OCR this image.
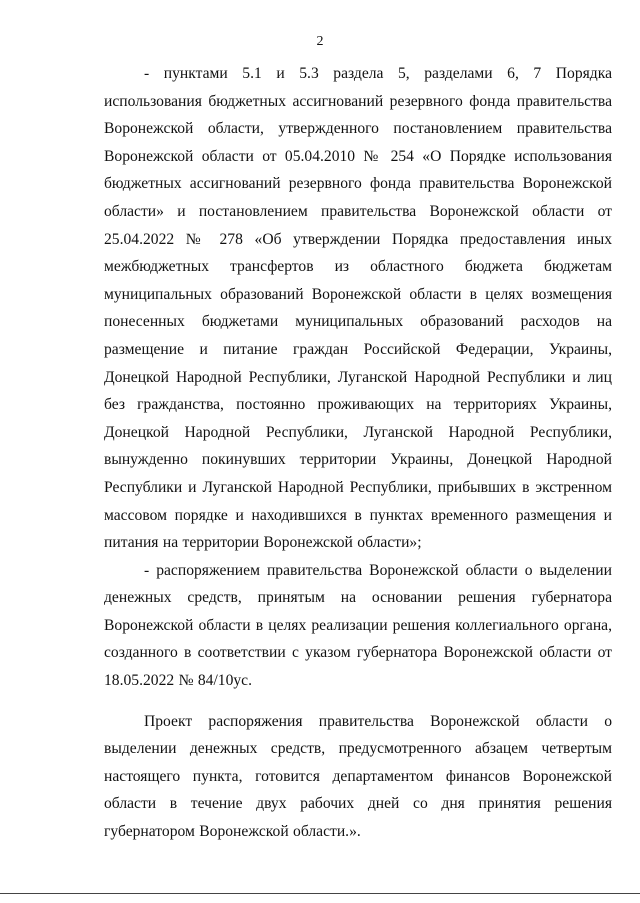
2

- пунктами 5.1 и 5.3 раздела 5, разделами 6, 7 Порядка использования бюджетных ассигнований резервного фонда правительства Воронежской области, утвержденного постановлением правительства Воронежской области от 05.04.2010 № 254 «О Порядке использования бюджетных ассигнований резервного фонда правительства Воронежской области» и постановлением правительства Воронежской области от 25.04.2022 № 278 «Об утверждении Порядка предоставления иных межбюджетных трансфертов из областного бюджета бюджетам муниципальных образований Воронежской области в целях возмещения понесенных бюджетами муниципальных образований расходов на размещение и питание граждан Российской Федерации, Украины, Донецкой Народной Республики, Луганской Народной Республики и лиц без гражданства, постоянно проживающих на территориях Украины, Донецкой Народной Республики, Луганской Народной Республики, вынужденно покинувших территории Украины, Донецкой Народной Республики и Луганской Народной Республики, прибывших в экстренном массовом порядке и находившихся в пунктах временного размещения и питания на территории Воронежской области»;

- распоряжением правительства Воронежской области о выделении денежных средств, принятым на основании решения губернатора Воронежской области в целях реализации решения коллегиального органа, созданного в соответствии с указом губернатора Воронежской области от 18.05.2022 № 84/10ус.

Проект распоряжения правительства Воронежской области о выделении денежных средств, предусмотренного абзацем четвертым настоящего пункта, готовится департаментом финансов Воронежской области в течение двух рабочих дней со дня принятия решения губернатором Воронежской области.».
